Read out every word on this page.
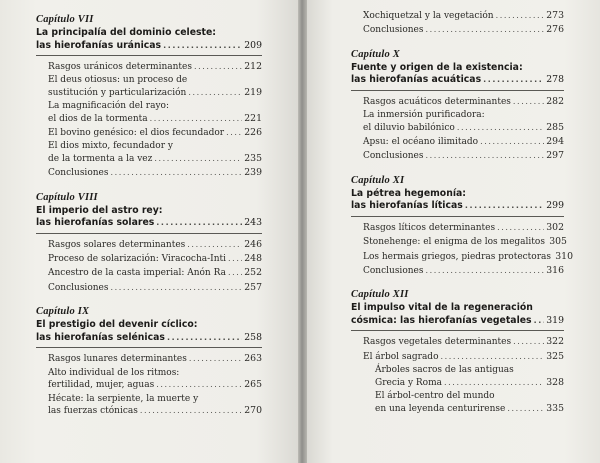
Capítulo VII
La principalía del dominio celeste:
las hierofanías uránicas .....	209
Rasgos uránicos determinantes .....	212
El deus otiosus: un proceso de
sustitución y particularización .....	219
La magnificación del rayo:
el dios de la tormenta .....	221
El bovino genésico: el dios fecundador ..... 226
El dios mixto, fecundador y
de la tormenta a la vez .....	235
Conclusiones .....	239
Capítulo VIII
El imperio del astro rey:
las hierofanías solares .....	243
Rasgos solares determinantes .....	246
Proceso de solarización: Viracocha-Inti ..... 248
Ancestro de la casta imperial: Anón Ra ..... 252
Conclusiones .....	257
Capítulo IX
El prestigio del devenir cíclico:
las hierofanías selénicas .....	258
Rasgos lunares determinantes .....	263
Alto individual de los ritmos:
fertilidad, mujer, aguas .....	265
Hécate: la serpiente, la muerte y
las fuerzas ctónicas .....	270
Xochiquetzal y la vegetación .....	273
Conclusiones .....	276
Capítulo X
Fuente y origen de la existencia:
las hierofanías acuáticas .....	278
Rasgos acuáticos determinantes .....	282
La inmersión purificadora:
el diluvio babilónico .....	285
Apsu: el océano ilimitado .....	294
Conclusiones .....	297
Capítulo XI
La pétrea hegemonía:
las hierofanías líticas .....	299
Rasgos líticos determinantes .....	302
Stonehenge: el enigma de los megalitos 305
Los hermais griegos, piedras protectoras 310
Conclusiones .....	316
Capítulo XII
El impulso vital de la regeneración
cósmica: las hierofanías vegetales ..... 319
Rasgos vegetales determinantes .....	322
El árbol sagrado .....	325
Árboles sacros de las antiguas
Grecia y Roma .....	328
El árbol-centro del mundo
en una leyenda centurirense .....	335
